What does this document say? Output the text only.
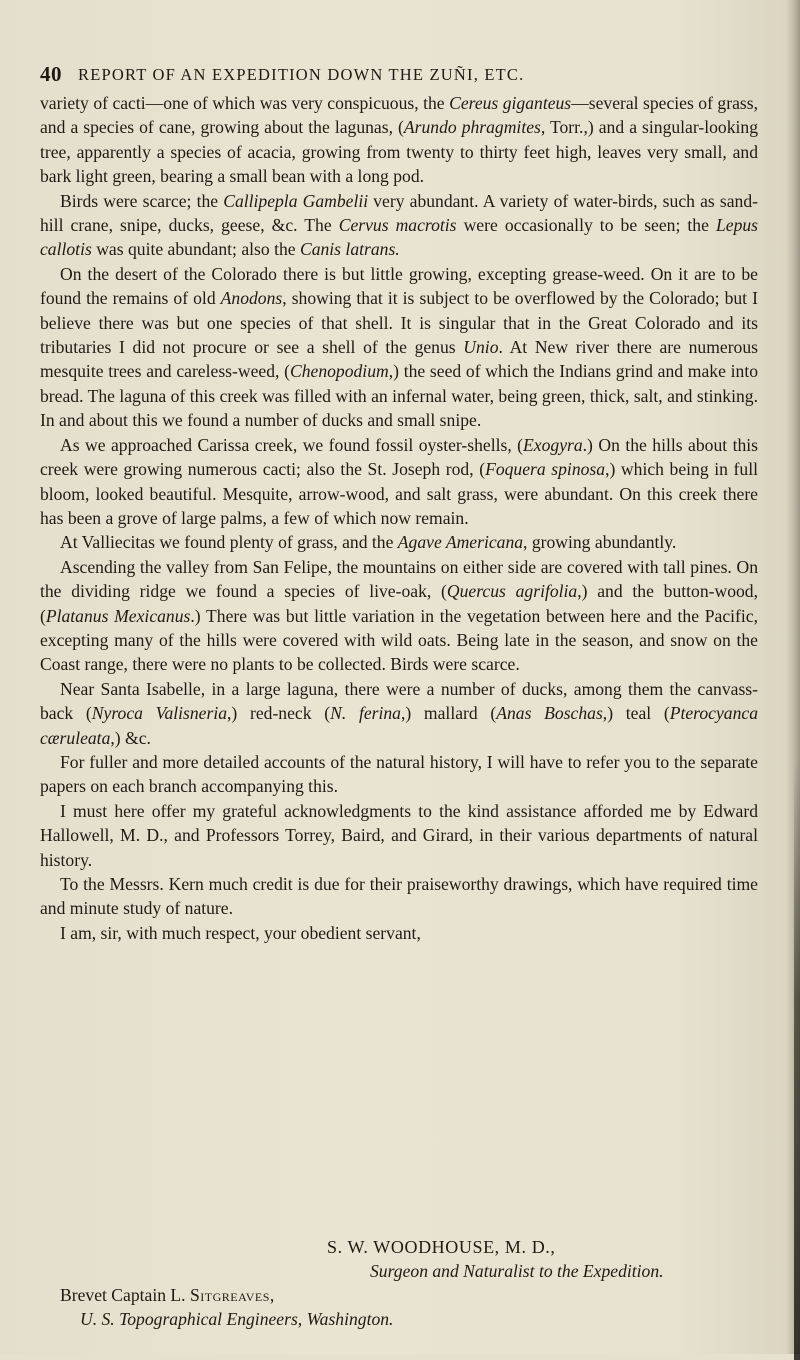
40 REPORT OF AN EXPEDITION DOWN THE ZUÑI, ETC.

variety of cacti—one of which was very conspicuous, the Cereus giganteus—several species of grass, and a species of cane, growing about the lagunas, (Arundo phragmites, Torr.,) and a singular-looking tree, apparently a species of acacia, growing from twenty to thirty feet high, leaves very small, and bark light green, bearing a small bean with a long pod.

Birds were scarce; the Callipepla Gambelii very abundant. A variety of water-birds, such as sand-hill crane, snipe, ducks, geese, &c. The Cervus macrotis were occasionally to be seen; the Lepus callotis was quite abundant; also the Canis latrans.

On the desert of the Colorado there is but little growing, excepting grease-weed. On it are to be found the remains of old Anodons, showing that it is subject to be overflowed by the Colorado; but I believe there was but one species of that shell. It is singular that in the Great Colorado and its tributaries I did not procure or see a shell of the genus Unio. At New river there are numerous mesquite trees and careless-weed, (Chenopodium,) the seed of which the Indians grind and make into bread. The laguna of this creek was filled with an infernal water, being green, thick, salt, and stinking. In and about this we found a number of ducks and small snipe.

As we approached Carissa creek, we found fossil oyster-shells, (Exogyra.) On the hills about this creek were growing numerous cacti; also the St. Joseph rod, (Foquera spinosa,) which being in full bloom, looked beautiful. Mesquite, arrow-wood, and salt grass, were abundant. On this creek there has been a grove of large palms, a few of which now remain.

At Valliecitas we found plenty of grass, and the Agave Americana, growing abundantly.

Ascending the valley from San Felipe, the mountains on either side are covered with tall pines. On the dividing ridge we found a species of live-oak, (Quercus agrifolia,) and the button-wood, (Platanus Mexicanus.) There was but little variation in the vegetation between here and the Pacific, excepting many of the hills were covered with wild oats. Being late in the season, and snow on the Coast range, there were no plants to be collected. Birds were scarce.

Near Santa Isabelle, in a large laguna, there were a number of ducks, among them the canvass-back (Nyroca Valisneria,) red-neck (N. ferina,) mallard (Anas Boschas,) teal (Pterocyanca cæruleata,) &c.

For fuller and more detailed accounts of the natural history, I will have to refer you to the separate papers on each branch accompanying this.

I must here offer my grateful acknowledgments to the kind assistance afforded me by Edward Hallowell, M. D., and Professors Torrey, Baird, and Girard, in their various departments of natural history.

To the Messrs. Kern much credit is due for their praiseworthy drawings, which have required time and minute study of nature.

I am, sir, with much respect, your obedient servant,

S. W. WOODHOUSE, M. D.,
Surgeon and Naturalist to the Expedition.
Brevet Captain L. Sitgreaves,
U. S. Topographical Engineers, Washington.
